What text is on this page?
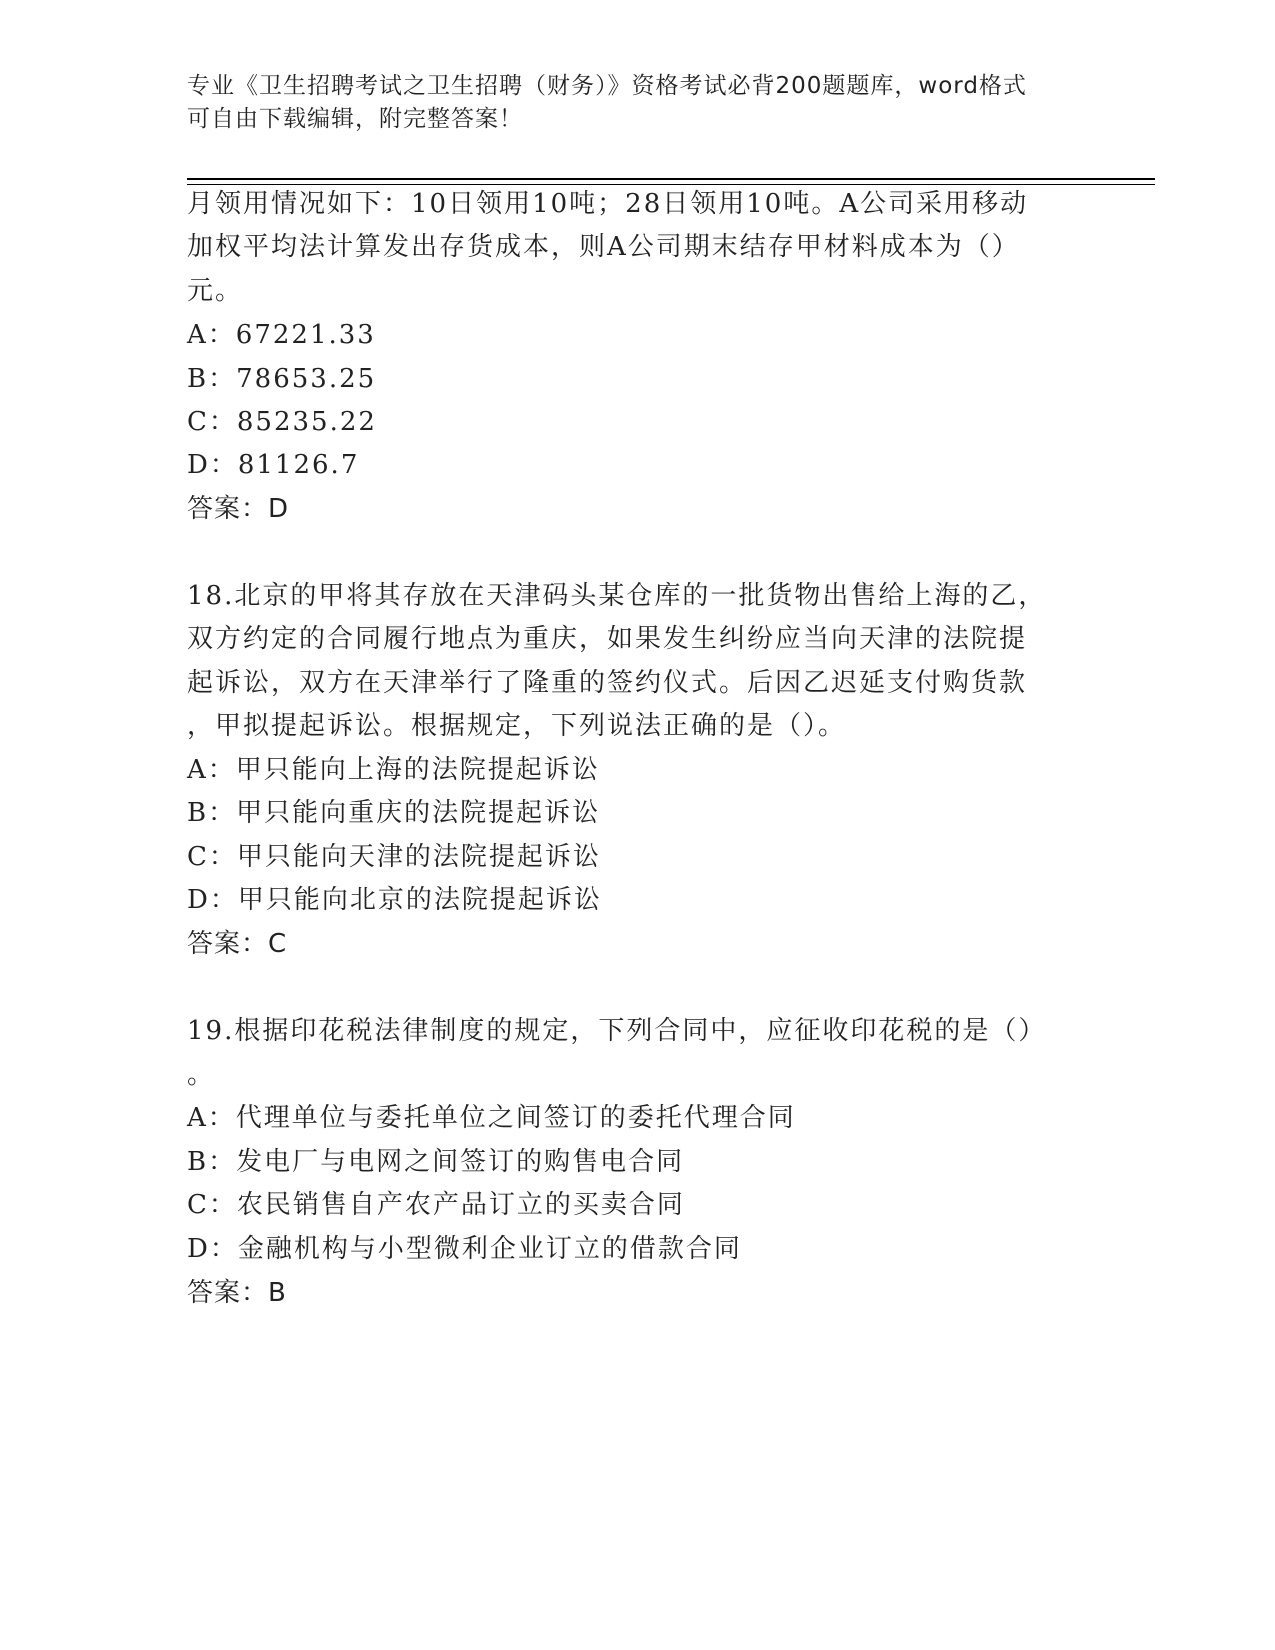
专业《卫生招聘考试之卫生招聘（财务）》资格考试必背200题题库，word格式
可自由下载编辑，附完整答案！
月领用情况如下：10日领用10吨；28日领用10吨。A公司采用移动
加权平均法计算发出存货成本，则A公司期末结存甲材料成本为（）
元。
A：67221.33
B：78653.25
C：85235.22
D：81126.7
答案：D
18.北京的甲将其存放在天津码头某仓库的一批货物出售给上海的乙，
双方约定的合同履行地点为重庆，如果发生纠纷应当向天津的法院提
起诉讼，双方在天津举行了隆重的签约仪式。后因乙迟延支付购货款
，甲拟提起诉讼。根据规定，下列说法正确的是（）。
A：甲只能向上海的法院提起诉讼
B：甲只能向重庆的法院提起诉讼
C：甲只能向天津的法院提起诉讼
D：甲只能向北京的法院提起诉讼
答案：C
19.根据印花税法律制度的规定，下列合同中，应征收印花税的是（）
。
A：代理单位与委托单位之间签订的委托代理合同
B：发电厂与电网之间签订的购售电合同
C：农民销售自产农产品订立的买卖合同
D：金融机构与小型微利企业订立的借款合同
答案：B
